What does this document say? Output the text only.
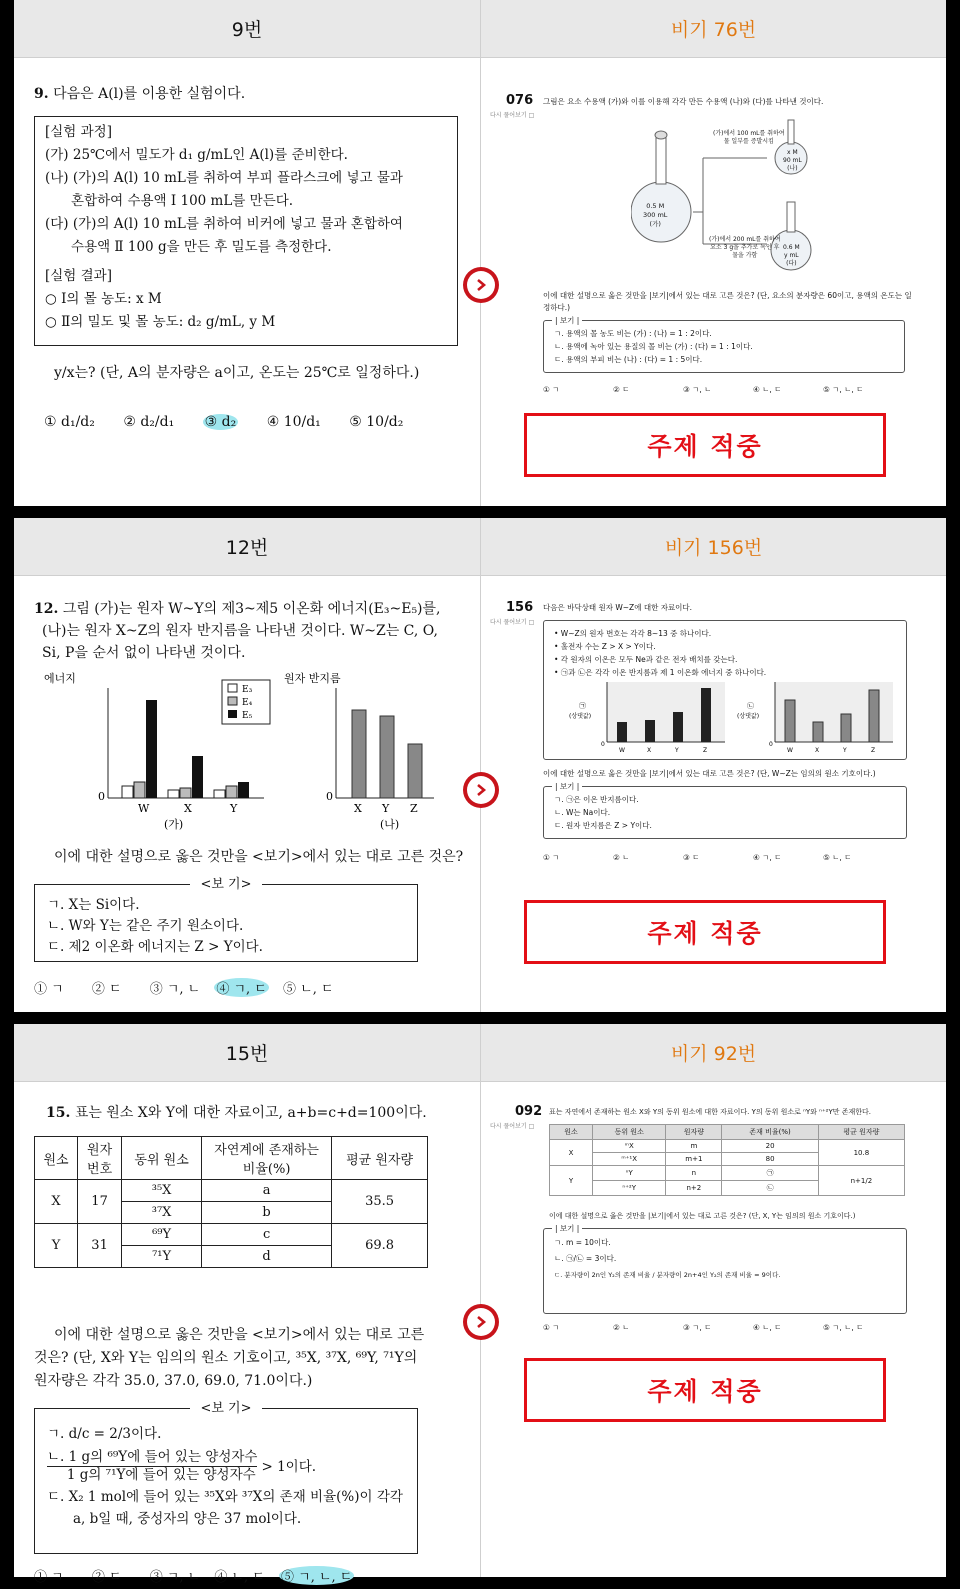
9번	비기 76번
9. 다음은 A(l)를 이용한 실험이다.
[실험 과정]
(가) 25℃에서 밀도가 d₁ g/mL인 A(l)를 준비한다.
(나) (가)의 A(l) 10 mL를 취하여 부피 플라스크에 넣고 물과
혼합하여 수용액 Ⅰ 100 mL를 만든다.
(다) (가)의 A(l) 10 mL를 취하여 비커에 넣고 물과 혼합하여
수용액 Ⅱ 100 g을 만든 후 밀도를 측정한다.
[실험 결과]
○ Ⅰ의 몰 농도: x M
○ Ⅱ의 밀도 및 몰 농도: d₂ g/mL, y M
y/x는? (단, A의 분자량은 a이고, 온도는 25℃로 일정하다.)
① d₁/d₂ ② d₂/d₁ ③ d₂ ④ 10/d₁ ⑤ 10/d₂
076
다시 풀어보기 □
그림은 요소 수용액 (가)와 이를 이용해 각각 만든 수용액 (나)와 (다)를 나타낸 것이다.
0.5 M
300 mL
(가)
(가)에서 100 mL를 취하여
물 일부를 증발시킴
x M
90 mL
(나)
(가)에서 200 mL를 취하여
요소 3 g을 추가로 녹인 후
물을 가함
0.6 M
y mL
(다)
이에 대한 설명으로 옳은 것만을 |보기|에서 있는 대로 고른 것은? (단, 요소의 분자량은 60이고, 용액의 온도는 일정하다.)
| 보기 |
ㄱ. 용액의 몰 농도 비는 (가) : (나) = 1 : 2이다.
ㄴ. 용액에 녹아 있는 용질의 몰 비는 (가) : (다) = 1 : 1이다.
ㄷ. 용액의 부피 비는 (나) : (다) = 1 : 5이다.
① ㄱ	② ㄷ	③ ㄱ, ㄴ	④ ㄴ, ㄷ	⑤ ㄱ, ㄴ, ㄷ
주제 적중
12번	비기 156번
12. 그림 (가)는 원자 W~Y의 제3~제5 이온화 에너지(E₃~E₅)를,
(나)는 원자 X~Z의 원자 반지름을 나타낸 것이다. W~Z는 C, O,
Si, P을 순서 없이 나타낸 것이다.
에너지
0
W	X	Y
E₃
E₄
E₅
(가)
원자 반지름
0
X Y Z
(나)
이에 대한 설명으로 옳은 것만을 <보기>에서 있는 대로 고른 것은?
<보 기>
ㄱ. X는 Si이다.
ㄴ. W와 Y는 같은 주기 원소이다.
ㄷ. 제2 이온화 에너지는 Z > Y이다.
① ㄱ ② ㄷ ③ ㄱ, ㄴ ④ ㄱ, ㄷ ⑤ ㄴ, ㄷ
156
다시 풀어보기 □
다음은 바닥상태 원자 W~Z에 대한 자료이다.
• W~Z의 원자 번호는 각각 8~13 중 하나이다.
• 홀전자 수는 Z > X > Y이다.
• 각 원자의 이온은 모두 Ne과 같은 전자 배치를 갖는다.
• ㉠과 ㉡은 각각 이온 반지름과 제 1 이온화 에너지 중 하나이다.
㉠
(상댓값)
0
W	X	Y	Z
㉡
(상댓값)
0
W	X	Y	Z
이에 대한 설명으로 옳은 것만을 |보기|에서 있는 대로 고른 것은? (단, W~Z는 임의의 원소 기호이다.)
| 보기 |
ㄱ. ㉠은 이온 반지름이다.
ㄴ. W는 Na이다.
ㄷ. 원자 반지름은 Z > Y이다.
① ㄱ	② ㄴ	③ ㄷ	④ ㄱ, ㄷ	⑤ ㄴ, ㄷ
주제 적중
15번	비기 92번
15. 표는 원소 X와 Y에 대한 자료이고, a+b=c+d=100이다.
원소	원자 번호	동위 원소	자연계에 존재하는 비율(%)	평균 원자량
X	17	³⁵X	a	35.5
		³⁷X	b	
Y	31	⁶⁹Y	c	69.8
		⁷¹Y	d	
이에 대한 설명으로 옳은 것만을 <보기>에서 있는 대로 고른
것은? (단, X와 Y는 임의의 원소 기호이고, ³⁵X, ³⁷X, ⁶⁹Y, ⁷¹Y의
원자량은 각각 35.0, 37.0, 69.0, 71.0이다.)
<보 기>
ㄱ. d/c = 2/3이다.
ㄴ. 1 g의 ⁶⁹Y에 들어 있는 양성자수
1 g의 ⁷¹Y에 들어 있는 양성자수
> 1이다.
ㄷ. X₂ 1 mol에 들어 있는 ³⁵X와 ³⁷X의 존재 비율(%)이 각각
a, b일 때, 중성자의 양은 37 mol이다.
① ㄱ ② ㄷ ③ ㄱ, ㄴ ④ ㄴ, ㄷ ⑤ ㄱ, ㄴ, ㄷ
092
다시 풀어보기 □
표는 자연에서 존재하는 원소 X와 Y의 동위 원소에 대한 자료이다. Y의 동위 원소로 ⁿY와 ⁿ⁺²Y만 존재한다.
원소	동위 원소	원자량	존재 비율(%)	평균 원자량
X	ᵐX	m	20	10.8
	ᵐ⁺¹X	m+1	80	
Y	ⁿY	n	㉠	n+1/2
	ⁿ⁺²Y	n+2	㉡	
이에 대한 설명으로 옳은 것만을 |보기|에서 있는 대로 고른 것은? (단, X, Y는 임의의 원소 기호이다.)
| 보기 |
ㄱ. m = 10이다.
ㄴ. ㉠/㉡ = 3이다.
ㄷ. 분자량이 2n인 Y₂의 존재 비율 / 분자량이 2n+4인 Y₂의 존재 비율 = 9이다.
① ㄱ	② ㄴ	③ ㄱ, ㄷ	④ ㄴ, ㄷ	⑤ ㄱ, ㄴ, ㄷ
주제 적중
